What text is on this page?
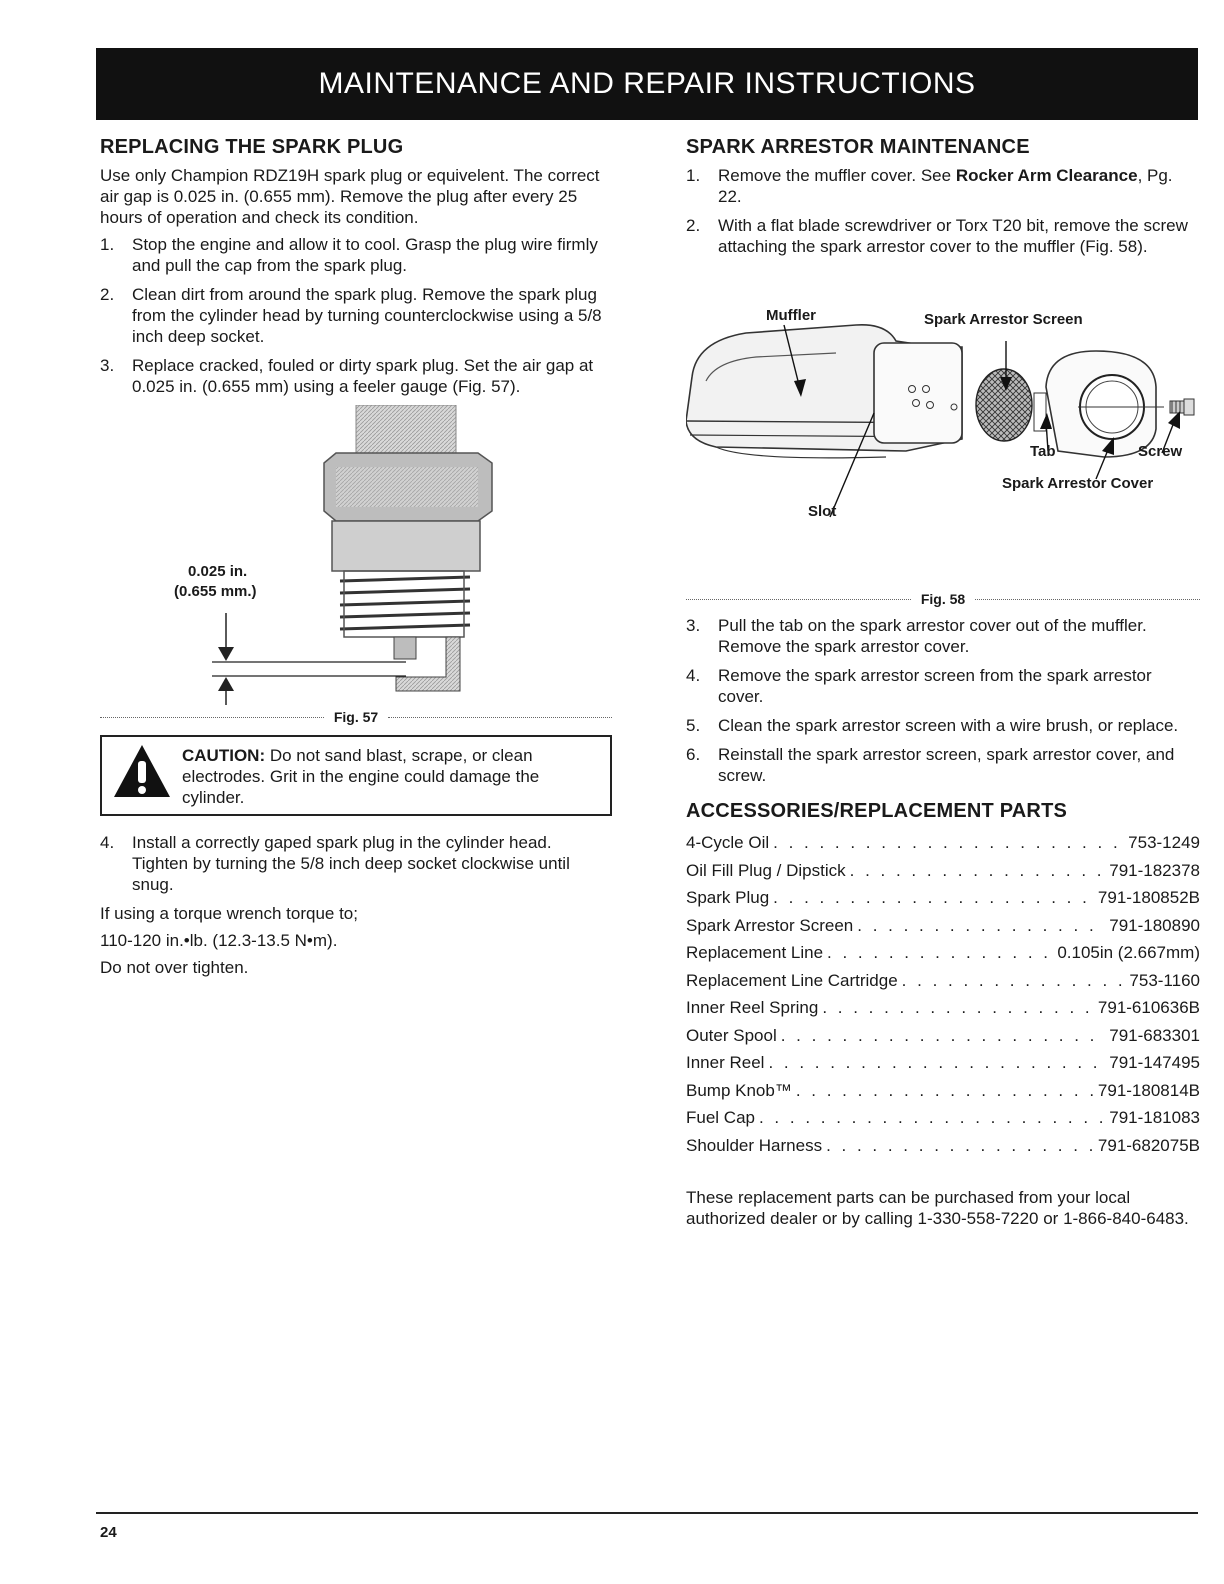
MAINTENANCE AND REPAIR INSTRUCTIONS
REPLACING THE SPARK PLUG

Use only Champion RDZ19H spark plug or equivelent. The correct air gap is 0.025 in. (0.655 mm). Remove the plug after every 25 hours of operation and check its condition.

1.	Stop the engine and allow it to cool. Grasp the plug wire firmly and pull the cap from the spark plug.
2.	Clean dirt from around the spark plug. Remove the spark plug from the cylinder head by turning counterclockwise using a 5/8 inch deep socket.
3.	Replace cracked, fouled or dirty spark plug. Set the air gap at 0.025 in. (0.655 mm) using a feeler gauge (Fig. 57).
0.025 in.
(0.655 mm.)
Fig. 57
CAUTION: Do not sand blast, scrape, or clean electrodes. Grit in the engine could damage the cylinder.
4.	Install a correctly gaped spark plug in the cylinder head. Tighten by turning the 5/8 inch deep socket clockwise until snug.

If using a torque wrench torque to;

110-120 in.•lb. (12.3-13.5 N•m).

Do not over tighten.

SPARK ARRESTOR MAINTENANCE
1.	Remove the muffler cover. See Rocker Arm Clearance, Pg. 22.
2.	With a flat blade screwdriver or Torx T20 bit, remove the screw attaching the spark arrestor cover to the muffler (Fig. 58).
Muffler	Spark Arrestor Screen
Tab	Screw
Spark Arrestor Cover
Slot
Fig. 58
3.	Pull the tab on the spark arrestor cover out of the muffler. Remove the spark arrestor cover.
4.	Remove the spark arrestor screen from the spark arrestor cover.
5.	Clean the spark arrestor screen with a wire brush, or replace.
6.	Reinstall the spark arrestor screen, spark arrestor cover, and screw.
ACCESSORIES/REPLACEMENT PARTS
4-Cycle Oil . . .	753-1249
Oil Fill Plug / Dipstick . . .	791-182378
Spark Plug . . .	791-180852B
Spark Arrestor Screen . . .	791-180890
Replacement Line . . .	0.105in (2.667mm)
Replacement Line Cartridge . . .	753-1160
Inner Reel Spring . . .	791-610636B
Outer Spool . . .	791-683301
Inner Reel . . .	791-147495
Bump Knob™ . . .	791-180814B
Fuel Cap . . .	791-181083
Shoulder Harness . . .	791-682075B

These replacement parts can be purchased from your local authorized dealer or by calling 1-330-558-7220 or 1-866-840-6483.

24
